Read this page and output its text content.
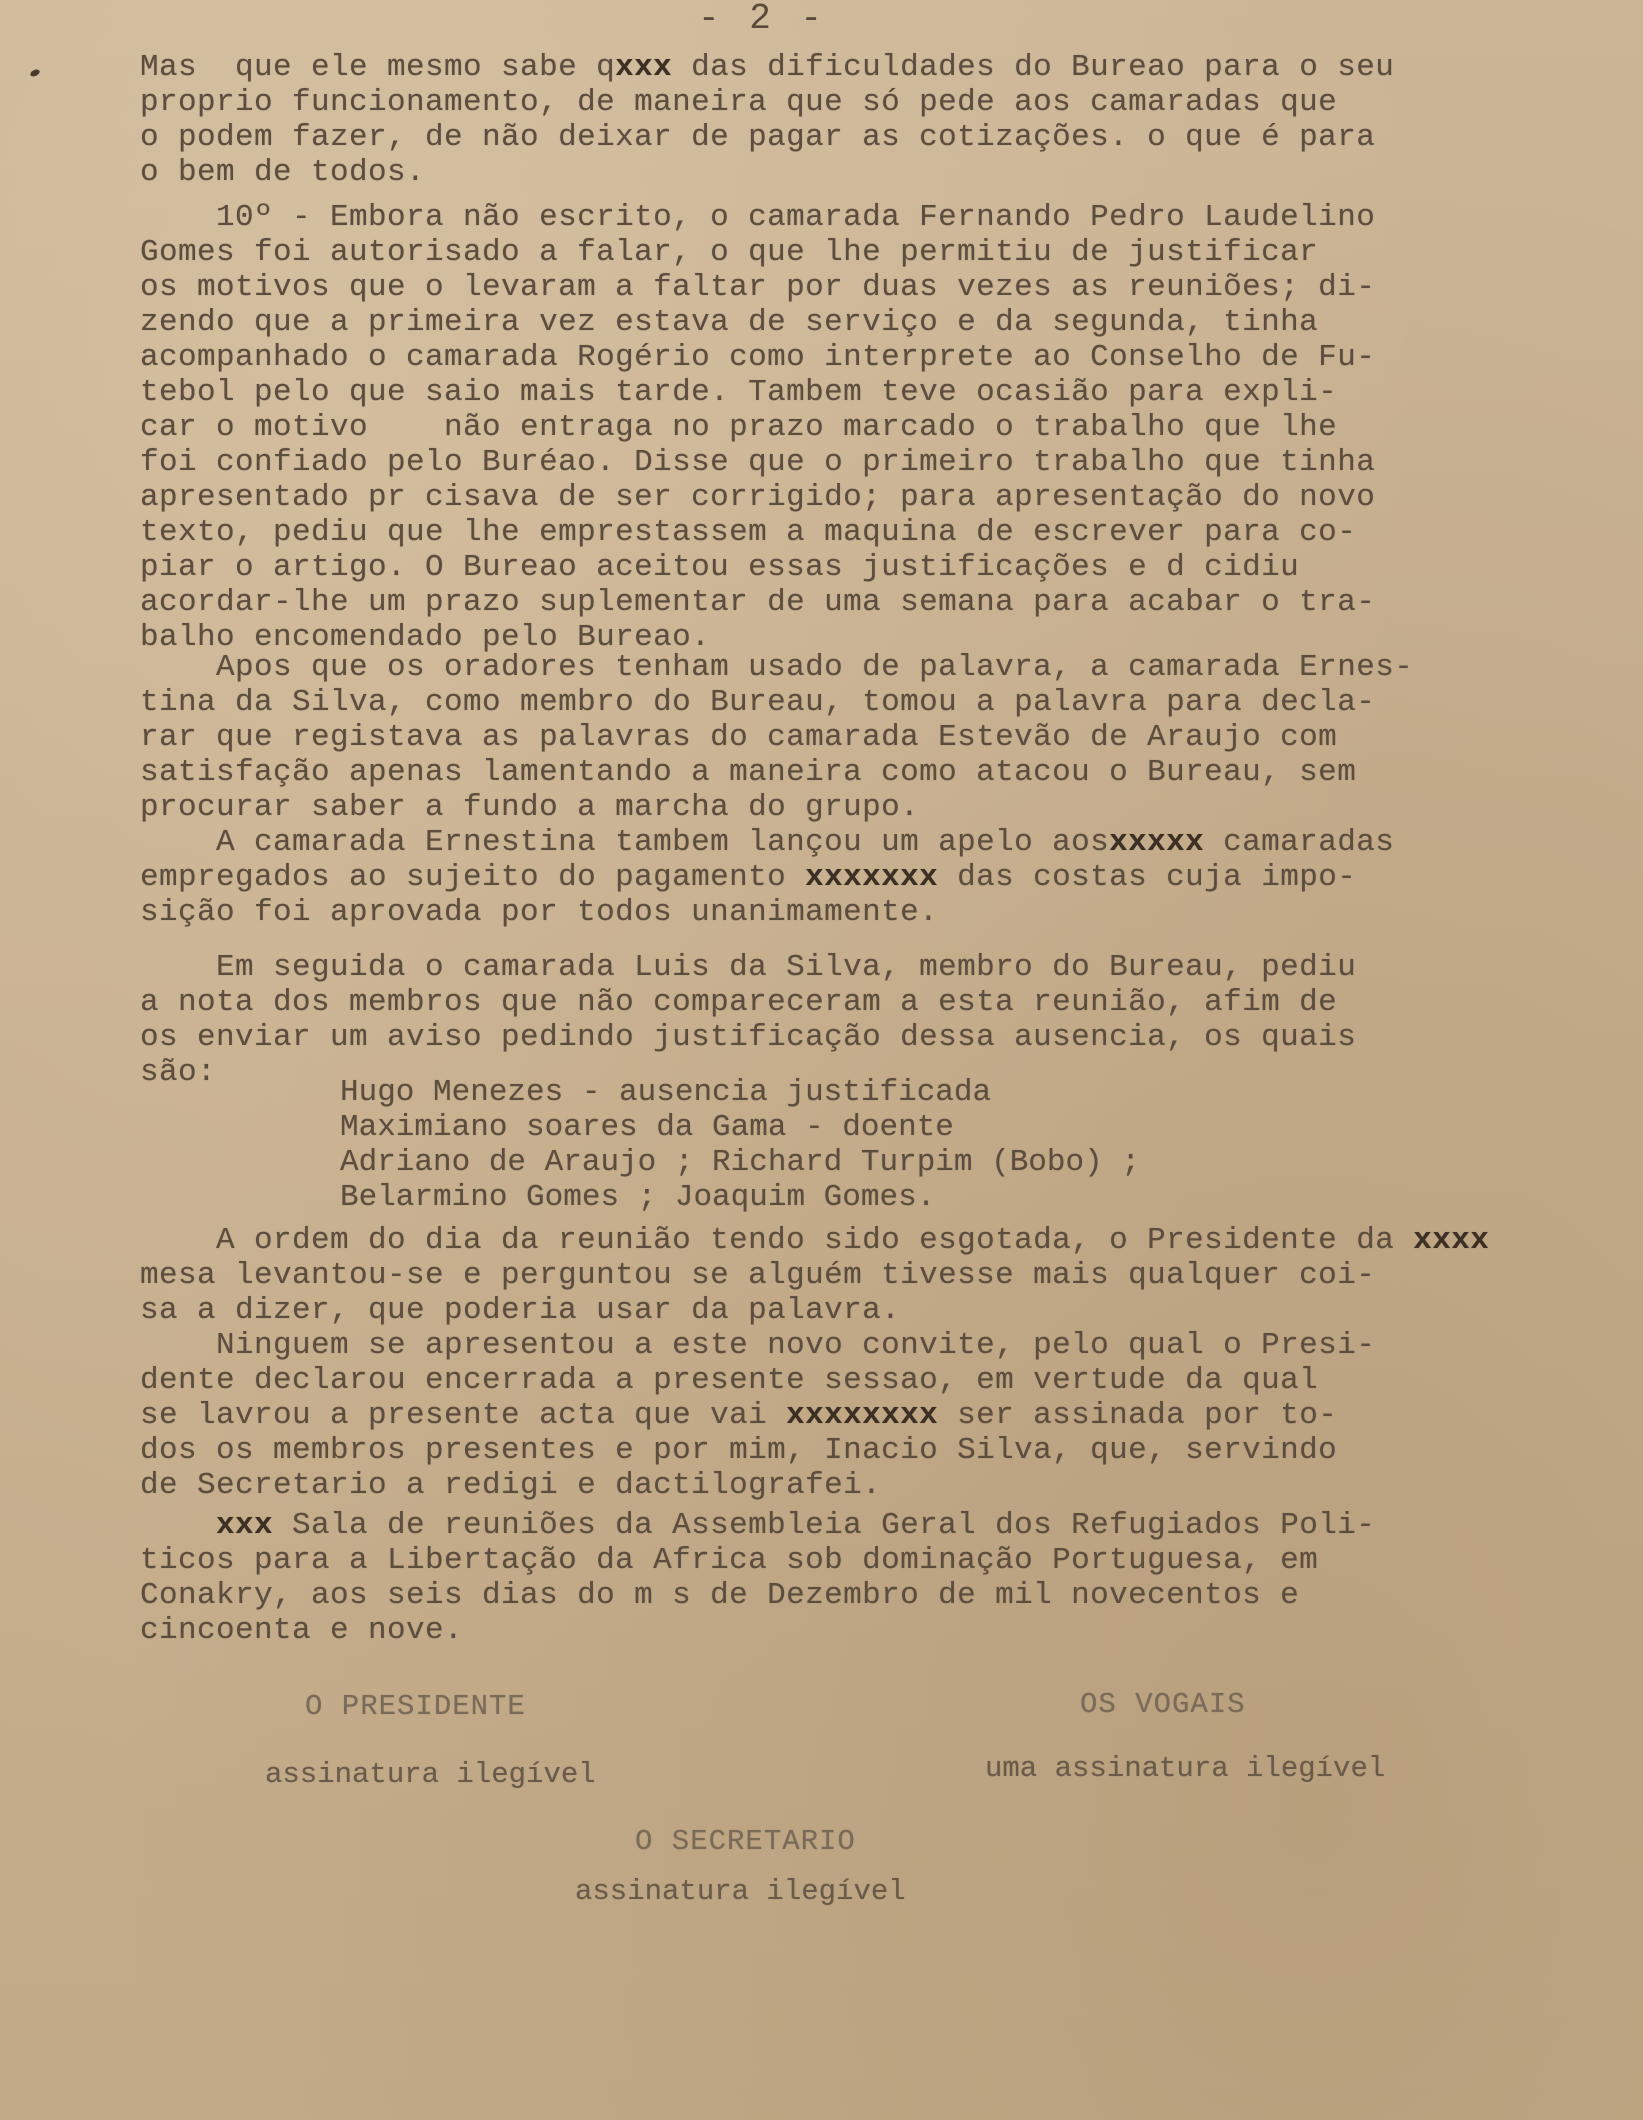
- 2 -
Mas  que ele mesmo sabe qxxx das dificuldades do Bureao para o seu
proprio funcionamento, de maneira que só pede aos camaradas que
o podem fazer, de não deixar de pagar as cotizações. o que é para
o bem de todos.
10º - Embora não escrito, o camarada Fernando Pedro Laudelino
Gomes foi autorisado a falar, o que lhe permitiu de justificar
os motivos que o levaram a faltar por duas vezes as reuniões; di-
zendo que a primeira vez estava de serviço e da segunda, tinha
acompanhado o camarada Rogério como interprete ao Conselho de Fu-
tebol pelo que saio mais tarde. Tambem teve ocasião para expli-
car o motivo    não entraga no prazo marcado o trabalho que lhe
foi confiado pelo Buréao. Disse que o primeiro trabalho que tinha
apresentado pr cisava de ser corrigido; para apresentação do novo
texto, pediu que lhe emprestassem a maquina de escrever para co-
piar o artigo. O Bureao aceitou essas justificações e d cidiu
acordar-lhe um prazo suplementar de uma semana para acabar o tra-
balho encomendado pelo Bureao.
Apos que os oradores tenham usado de palavra, a camarada Ernes-
tina da Silva, como membro do Bureau, tomou a palavra para decla-
rar que registava as palavras do camarada Estevão de Araujo com
satisfação apenas lamentando a maneira como atacou o Bureau, sem
procurar saber a fundo a marcha do grupo.
A camarada Ernestina tambem lançou um apelo aosxxxxx camaradas
empregados ao sujeito do pagamento xxxxxxx das costas cuja impo-
sição foi aprovada por todos unanimamente.
Em seguida o camarada Luis da Silva, membro do Bureau, pediu
a nota dos membros que não compareceram a esta reunião, afim de
os enviar um aviso pedindo justificação dessa ausencia, os quais
são:
Hugo Menezes - ausencia justificada
Maximiano soares da Gama - doente
Adriano de Araujo ; Richard Turpim (Bobo) ;
Belarmino Gomes ; Joaquim Gomes.
A ordem do dia da reunião tendo sido esgotada, o Presidente da xxxx
mesa levantou-se e perguntou se alguém tivesse mais qualquer coi-
sa a dizer, que poderia usar da palavra.
Ninguem se apresentou a este novo convite, pelo qual o Presi-
dente declarou encerrada a presente sessao, em vertude da qual
se lavrou a presente acta que vai xxxxxxxx ser assinada por to-
dos os membros presentes e por mim, Inacio Silva, que, servindo
de Secretario a redigi e dactilografei.
xxx Sala de reuniões da Assembleia Geral dos Refugiados Poli-
ticos para a Libertação da Africa sob dominação Portuguesa, em
Conakry, aos seis dias do m s de Dezembro de mil novecentos e
cincoenta e nove.
O PRESIDENTE
assinatura ilegível
OS VOGAIS
uma assinatura ilegível
O SECRETARIO
assinatura ilegível
